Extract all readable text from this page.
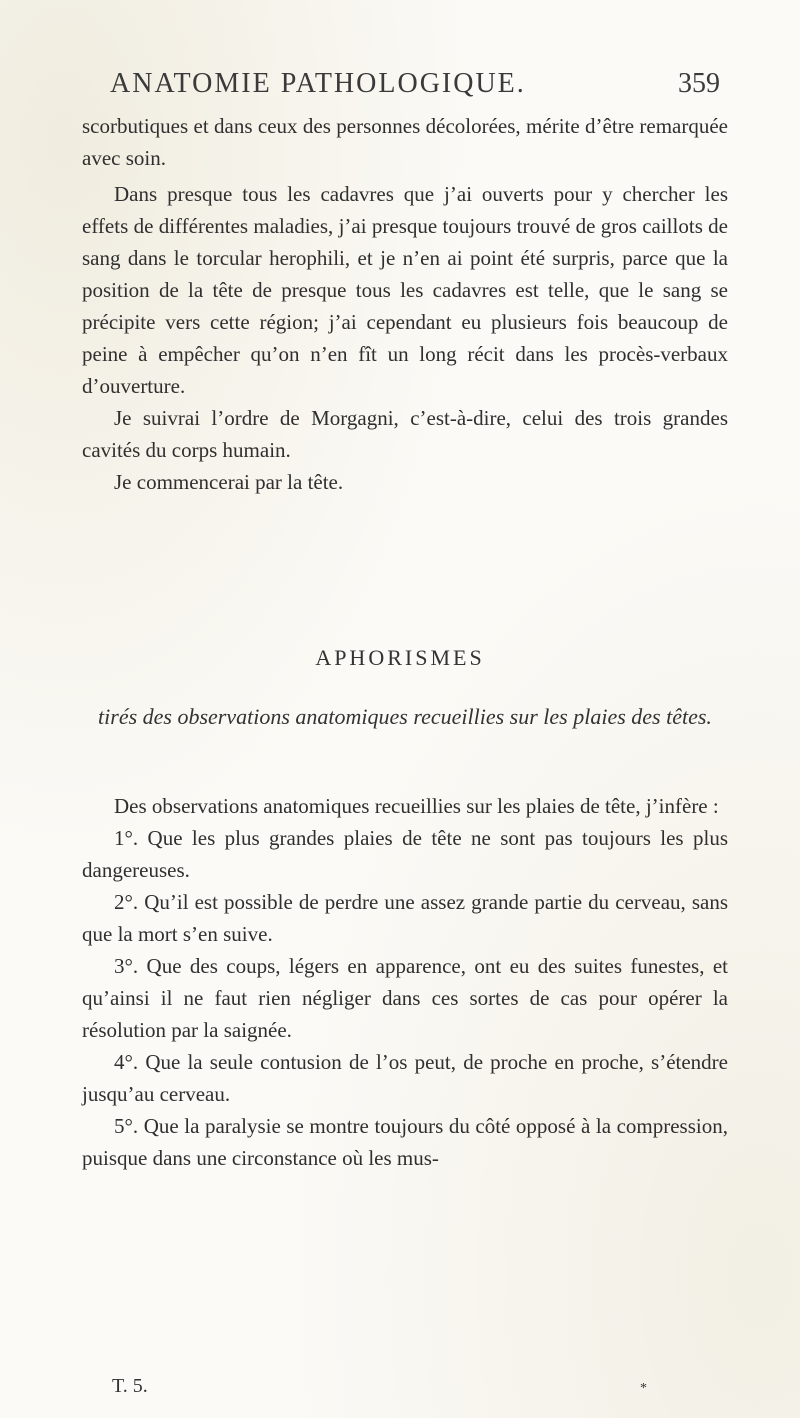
ANATOMIE PATHOLOGIQUE.	359

scorbutiques et dans ceux des personnes décolorées, mérite d’être remarquée avec soin.

Dans presque tous les cadavres que j’ai ouverts pour y chercher les effets de différentes maladies, j’ai presque toujours trouvé de gros caillots de sang dans le torcular herophili, et je n’en ai point été surpris, parce que la position de la tête de presque tous les cadavres est telle, que le sang se précipite vers cette région; j’ai cependant eu plusieurs fois beaucoup de peine à empêcher qu’on n’en fît un long récit dans les procès-verbaux d’ouverture.

Je suivrai l’ordre de Morgagni, c’est-à-dire, celui des trois grandes cavités du corps humain.

Je commencerai par la tête.

APHORISMES
tirés des observations anatomiques recueillies sur les plaies des têtes.

Des observations anatomiques recueillies sur les plaies de tête, j’infère :

1°. Que les plus grandes plaies de tête ne sont pas toujours les plus dangereuses.

2°. Qu’il est possible de perdre une assez grande partie du cerveau, sans que la mort s’en suive.

3°. Que des coups, légers en apparence, ont eu des suites funestes, et qu’ainsi il ne faut rien négliger dans ces sortes de cas pour opérer la résolution par la saignée.

4°. Que la seule contusion de l’os peut, de proche en proche, s’étendre jusqu’au cerveau.

5°. Que la paralysie se montre toujours du côté opposé à la compression, puisque dans une circonstance où les mus-

T. 5.	*
